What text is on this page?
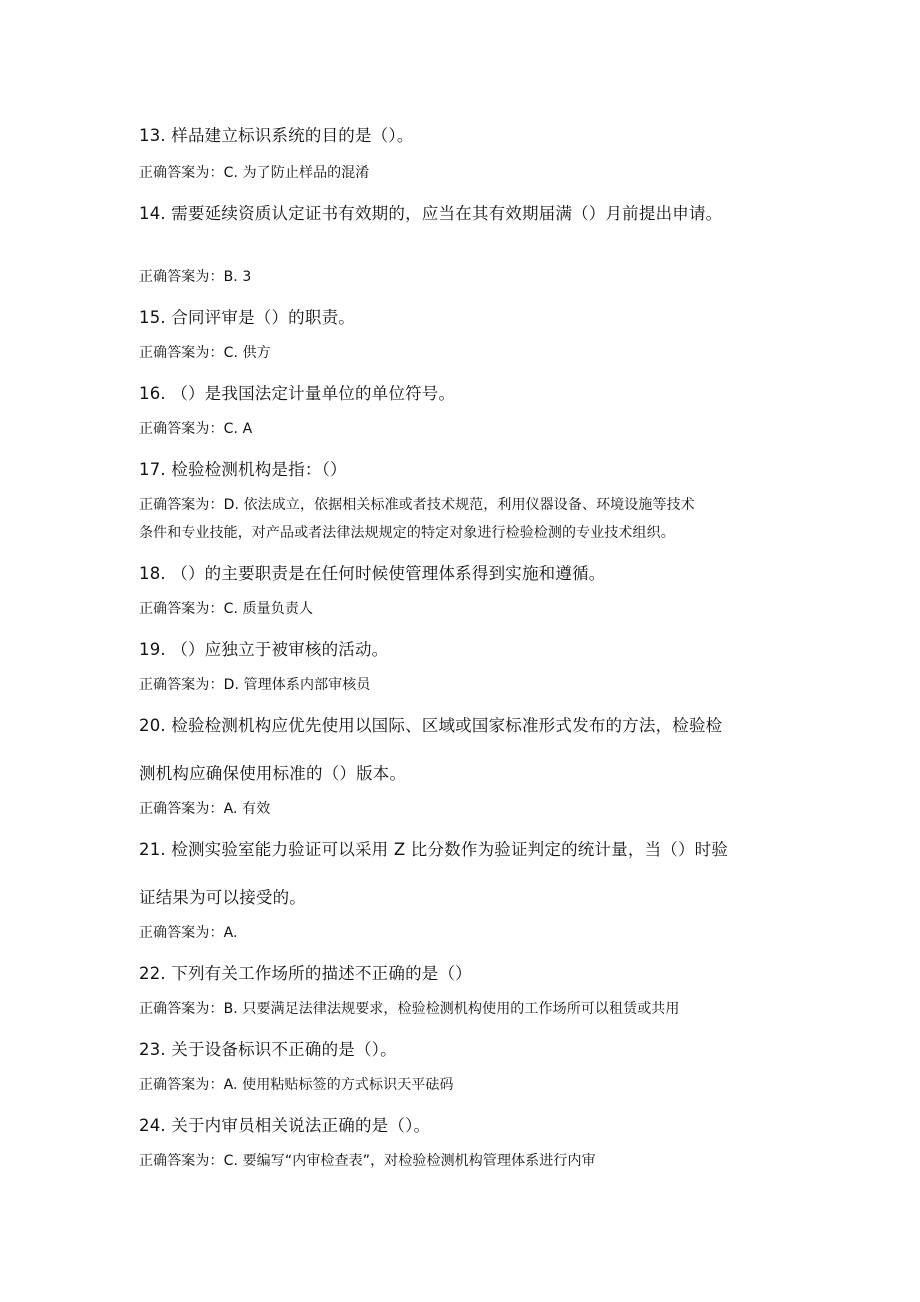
13. 样品建立标识系统的目的是（）。
正确答案为：C. 为了防止样品的混淆
14. 需要延续资质认定证书有效期的，应当在其有效期届满（）月前提出申请。
正确答案为：B. 3
15. 合同评审是（）的职责。
正确答案为：C. 供方
16. （）是我国法定计量单位的单位符号。
正确答案为：C. A
17. 检验检测机构是指：（）
正确答案为：D. 依法成立，依据相关标准或者技术规范，利用仪器设备、环境设施等技术
条件和专业技能，对产品或者法律法规规定的特定对象进行检验检测的专业技术组织。
18. （）的主要职责是在任何时候使管理体系得到实施和遵循。
正确答案为：C. 质量负责人
19. （）应独立于被审核的活动。
正确答案为：D. 管理体系内部审核员
20. 检验检测机构应优先使用以国际、区域或国家标准形式发布的方法，检验检
测机构应确保使用标准的（）版本。
正确答案为：A. 有效
21. 检测实验室能力验证可以采用 Z 比分数作为验证判定的统计量，当（）时验
证结果为可以接受的。
正确答案为：A.
22. 下列有关工作场所的描述不正确的是（）
正确答案为：B. 只要满足法律法规要求，检验检测机构使用的工作场所可以租赁或共用
23. 关于设备标识不正确的是（）。
正确答案为：A. 使用粘贴标签的方式标识天平砝码
24. 关于内审员相关说法正确的是（）。
正确答案为：C. 要编写“内审检查表”，对检验检测机构管理体系进行内审
